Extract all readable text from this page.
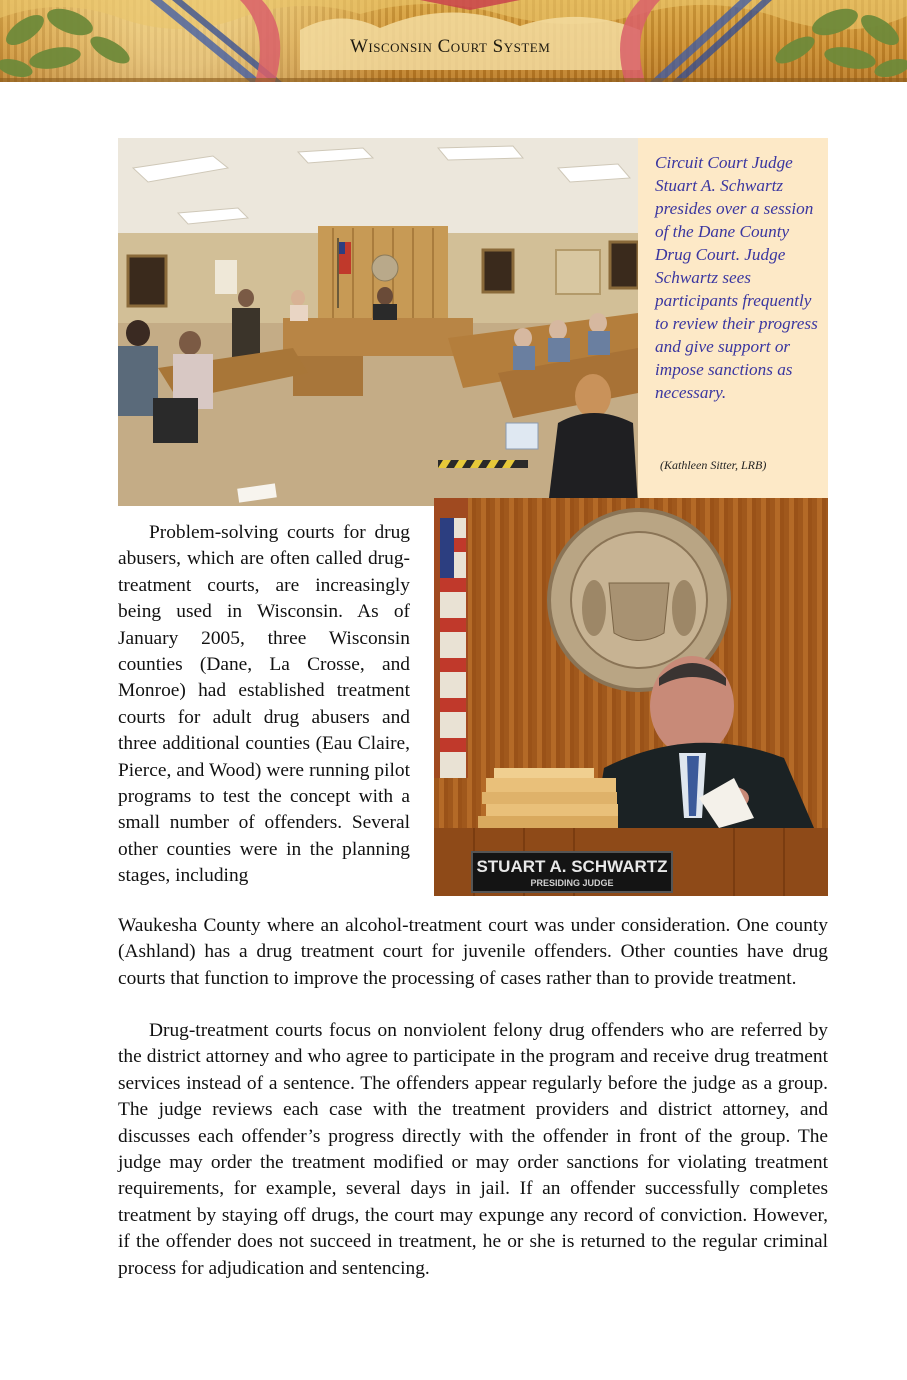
Wisconsin Court System
Circuit Court Judge Stuart A. Schwartz presides over a session of the Dane County Drug Court. Judge Schwartz sees participants frequently to review their progress and give support or impose sanctions as necessary.
(Kathleen Sitter, LRB)
STUART A. SCHWARTZ
PRESIDING JUDGE

Problem-solving courts for drug abusers, which are often called drug-treatment courts, are increasingly being used in Wisconsin. As of January 2005, three Wisconsin counties (Dane, La Crosse, and Monroe) had established treatment courts for adult drug abusers and three additional counties (Eau Claire, Pierce, and Wood) were running pilot programs to test the concept with a small number of offenders. Several other counties were in the planning stages, including

Waukesha County where an alcohol-treatment court was under consideration. One county (Ashland) has a drug treatment court for juvenile offenders. Other counties have drug courts that function to improve the processing of cases rather than to provide treatment.

Drug-treatment courts focus on nonviolent felony drug offenders who are referred by the district attorney and who agree to participate in the program and receive drug treatment services instead of a sentence. The offenders appear regularly before the judge as a group. The judge reviews each case with the treatment providers and district attorney, and discusses each offender’s progress directly with the offender in front of the group. The judge may order the treatment modified or may order sanctions for violating treatment requirements, for example, several days in jail. If an offender successfully completes treatment by staying off drugs, the court may expunge any record of conviction. However, if the offender does not succeed in treatment, he or she is returned to the regular criminal process for adjudication and sentencing.
